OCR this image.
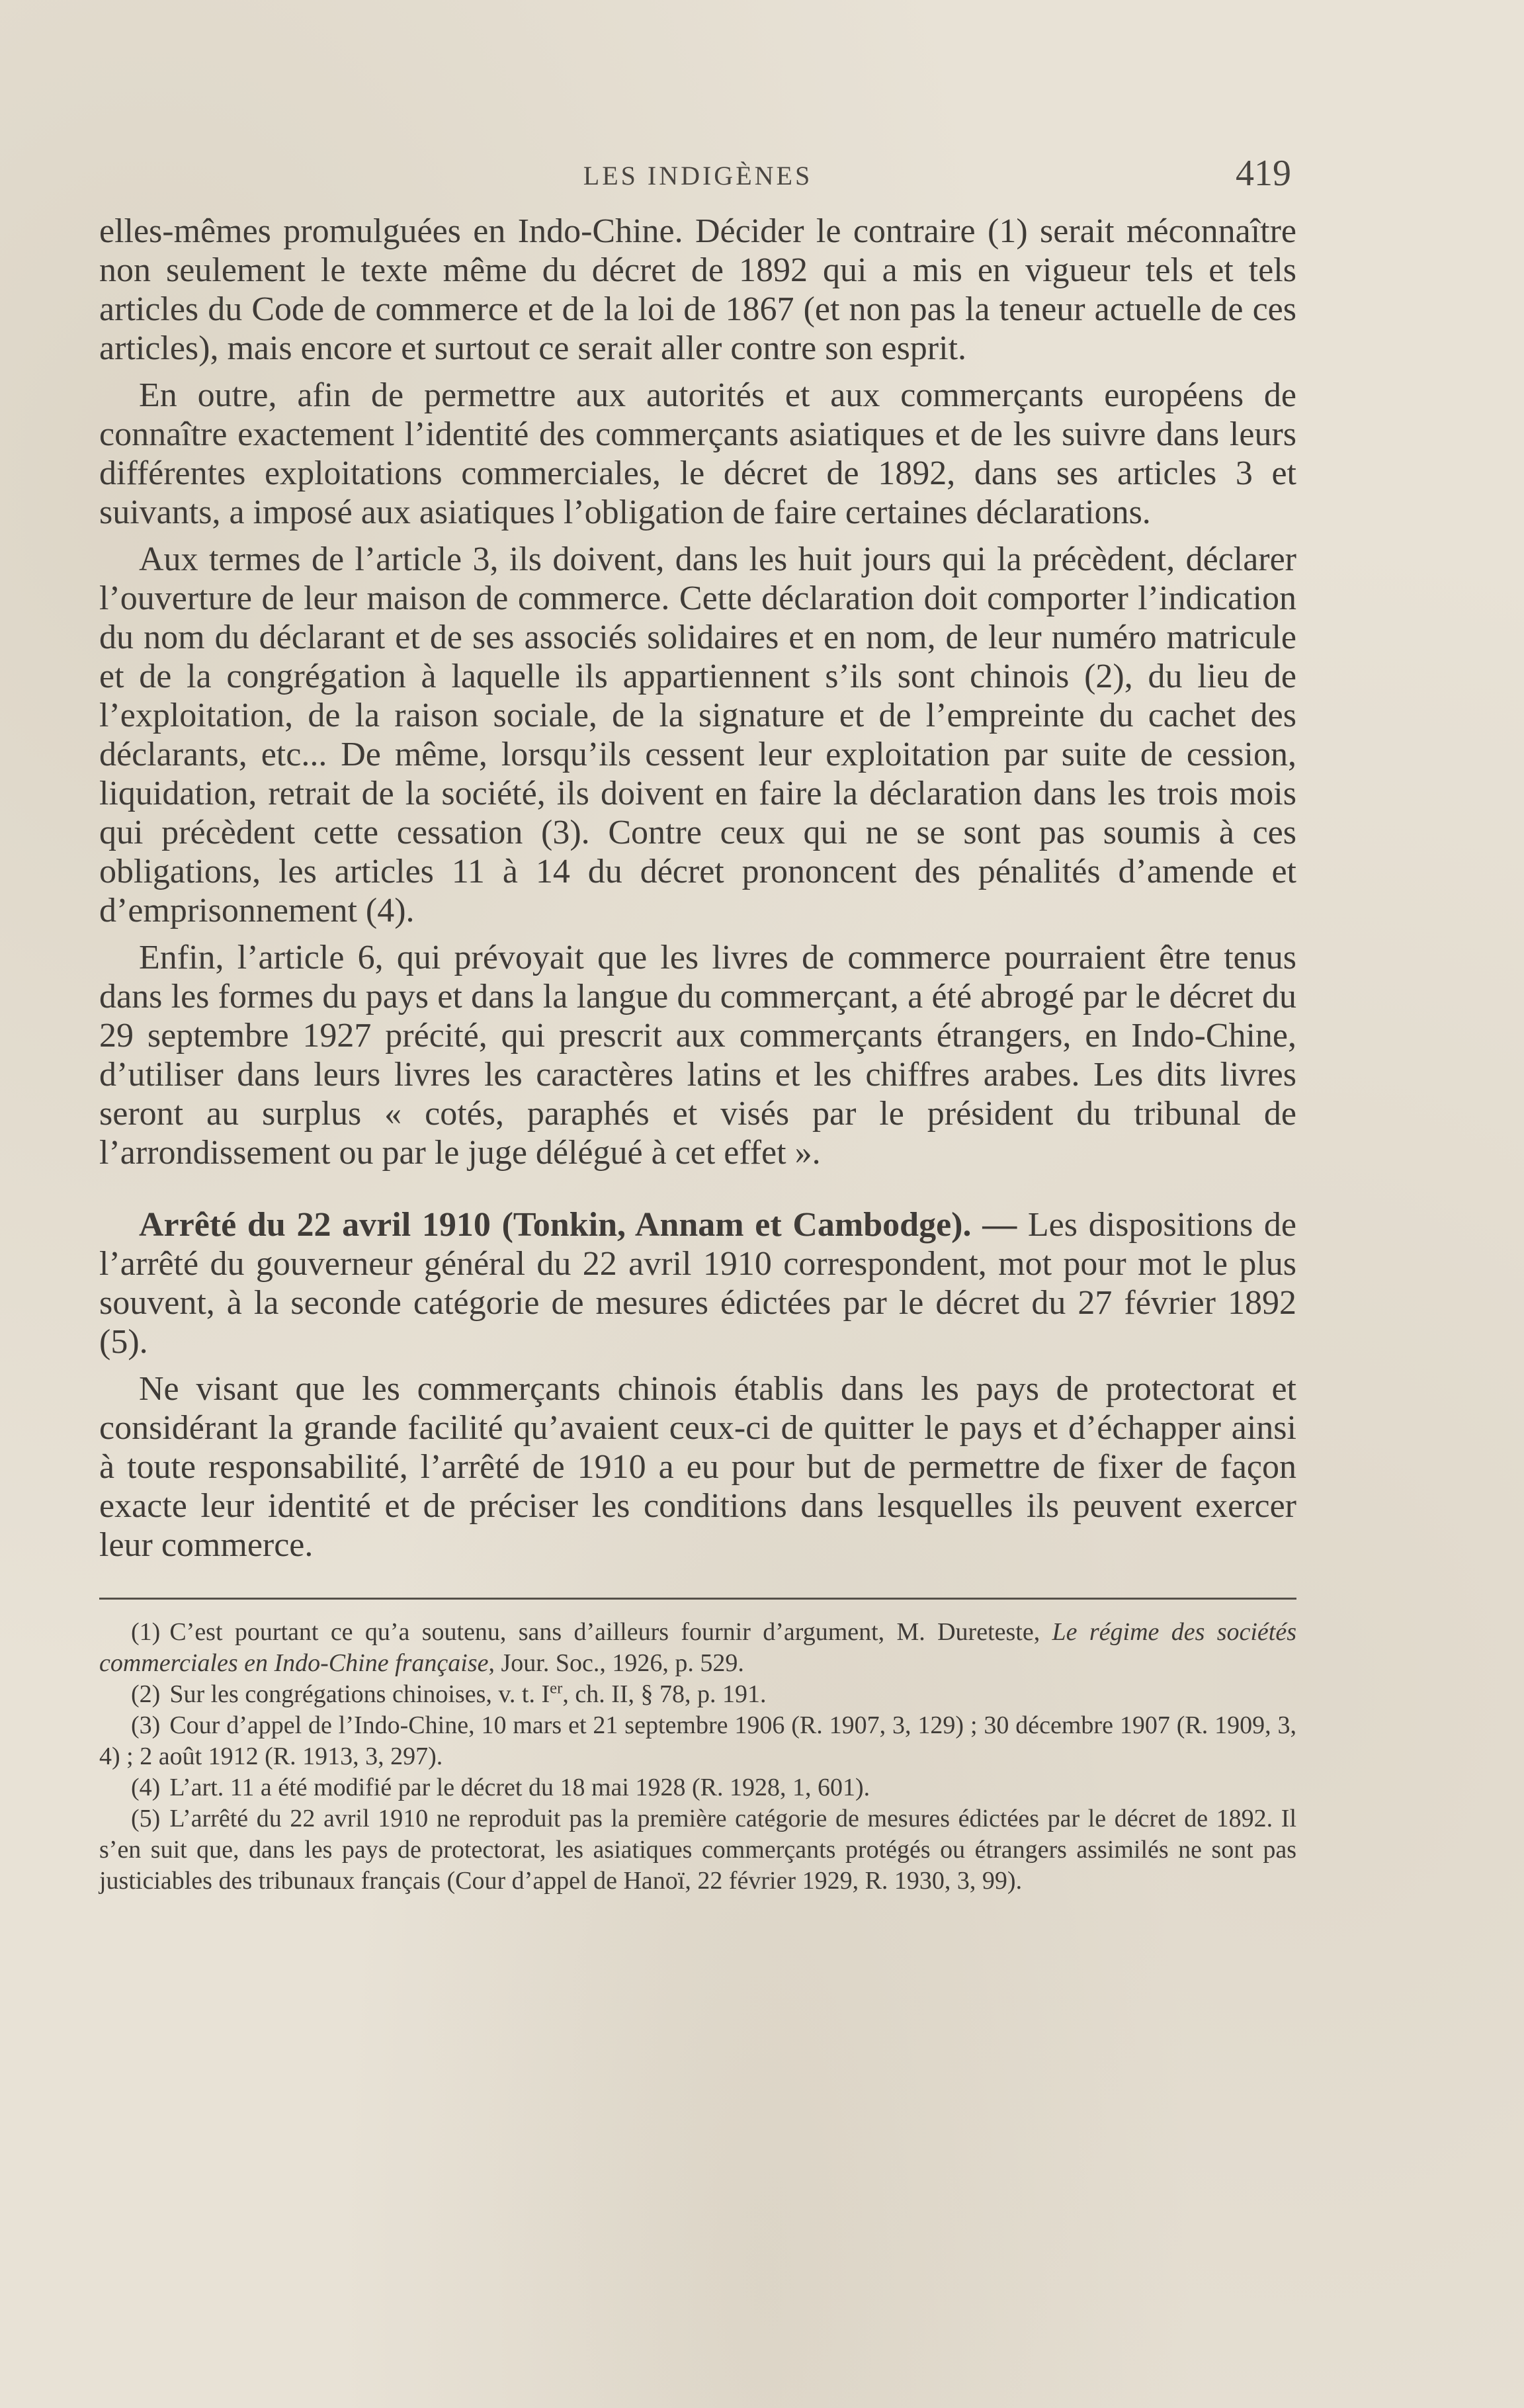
LES INDIGÈNES	419

elles-mêmes promulguées en Indo-Chine. Décider le contraire (1) serait méconnaître non seulement le texte même du décret de 1892 qui a mis en vigueur tels et tels articles du Code de commerce et de la loi de 1867 (et non pas la teneur actuelle de ces articles), mais encore et surtout ce serait aller contre son esprit.

En outre, afin de permettre aux autorités et aux commerçants européens de connaître exactement l’identité des commerçants asiatiques et de les suivre dans leurs différentes exploitations commerciales, le décret de 1892, dans ses articles 3 et suivants, a imposé aux asiatiques l’obligation de faire certaines déclarations.

Aux termes de l’article 3, ils doivent, dans les huit jours qui la précèdent, déclarer l’ouverture de leur maison de commerce. Cette déclaration doit comporter l’indication du nom du déclarant et de ses associés solidaires et en nom, de leur numéro matricule et de la congrégation à laquelle ils appartiennent s’ils sont chinois (2), du lieu de l’exploitation, de la raison sociale, de la signature et de l’empreinte du cachet des déclarants, etc... De même, lorsqu’ils cessent leur exploitation par suite de cession, liquidation, retrait de la société, ils doivent en faire la déclaration dans les trois mois qui précèdent cette cessation (3). Contre ceux qui ne se sont pas soumis à ces obligations, les articles 11 à 14 du décret prononcent des pénalités d’amende et d’emprisonnement (4).

Enfin, l’article 6, qui prévoyait que les livres de commerce pourraient être tenus dans les formes du pays et dans la langue du commerçant, a été abrogé par le décret du 29 septembre 1927 précité, qui prescrit aux commerçants étrangers, en Indo-Chine, d’utiliser dans leurs livres les caractères latins et les chiffres arabes. Les dits livres seront au surplus « cotés, paraphés et visés par le président du tribunal de l’arrondissement ou par le juge délégué à cet effet ».

Arrêté du 22 avril 1910 (Tonkin, Annam et Cambodge). — Les dispositions de l’arrêté du gouverneur général du 22 avril 1910 correspondent, mot pour mot le plus souvent, à la seconde catégorie de mesures édictées par le décret du 27 février 1892 (5).

Ne visant que les commerçants chinois établis dans les pays de protectorat et considérant la grande facilité qu’avaient ceux-ci de quitter le pays et d’échapper ainsi à toute responsabilité, l’arrêté de 1910 a eu pour but de permettre de fixer de façon exacte leur identité et de préciser les conditions dans lesquelles ils peuvent exercer leur commerce.

(1) C’est pourtant ce qu’a soutenu, sans d’ailleurs fournir d’argument, M. Dureteste, Le régime des sociétés commerciales en Indo-Chine française, Jour. Soc., 1926, p. 529.

(2) Sur les congrégations chinoises, v. t. Ier, ch. II, § 78, p. 191.

(3) Cour d’appel de l’Indo-Chine, 10 mars et 21 septembre 1906 (R. 1907, 3, 129) ; 30 décembre 1907 (R. 1909, 3, 4) ; 2 août 1912 (R. 1913, 3, 297).

(4) L’art. 11 a été modifié par le décret du 18 mai 1928 (R. 1928, 1, 601).

(5) L’arrêté du 22 avril 1910 ne reproduit pas la première catégorie de mesures édictées par le décret de 1892. Il s’en suit que, dans les pays de protectorat, les asiatiques commerçants protégés ou étrangers assimilés ne sont pas justiciables des tribunaux français (Cour d’appel de Hanoï, 22 février 1929, R. 1930, 3, 99).
